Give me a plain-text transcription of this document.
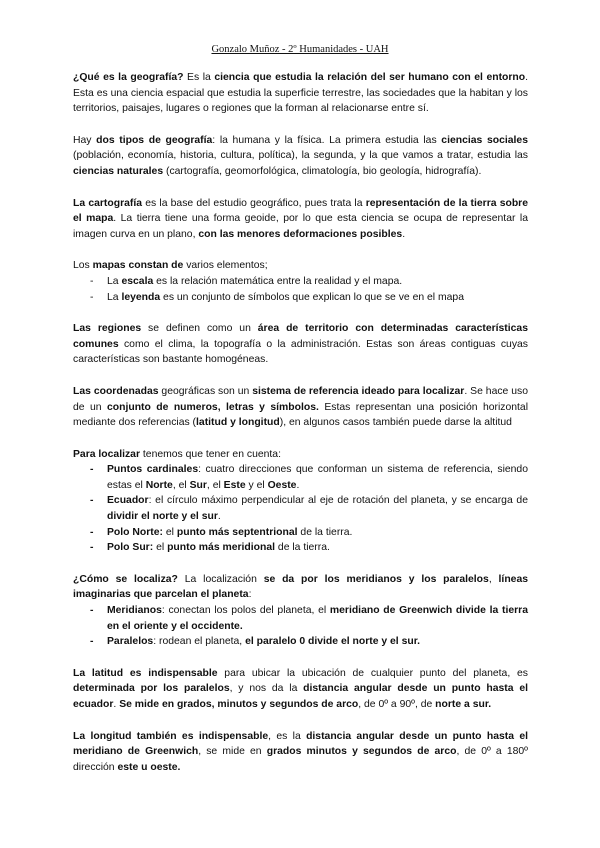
Gonzalo Muñoz - 2º Humanidades - UAH

¿Qué es la geografía? Es la ciencia que estudia la relación del ser humano con el entorno. Esta es una ciencia espacial que estudia la superficie terrestre, las sociedades que la habitan y los territorios, paisajes, lugares o regiones que la forman al relacionarse entre sí.

Hay dos tipos de geografía: la humana y la física. La primera estudia las ciencias sociales (población, economía, historia, cultura, política), la segunda, y la que vamos a tratar, estudia las ciencias naturales (cartografía, geomorfológica, climatología, bio geología, hidrografía).

La cartografía es la base del estudio geográfico, pues trata la representación de la tierra sobre el mapa. La tierra tiene una forma geoide, por lo que esta ciencia se ocupa de representar la imagen curva en un plano, con las menores deformaciones posibles.

Los mapas constan de varios elementos;

- La escala es la relación matemática entre la realidad y el mapa.
- La leyenda es un conjunto de símbolos que explican lo que se ve en el mapa

Las regiones se definen como un área de territorio con determinadas características comunes como el clima, la topografía o la administración. Estas son áreas contiguas cuyas características son bastante homogéneas.

Las coordenadas geográficas son un sistema de referencia ideado para localizar. Se hace uso de un conjunto de numeros, letras y símbolos. Estas representan una posición horizontal mediante dos referencias (latitud y longitud), en algunos casos también puede darse la altitud

Para localizar tenemos que tener en cuenta:

- Puntos cardinales: cuatro direcciones que conforman un sistema de referencia, siendo estas el Norte, el Sur, el Este y el Oeste.
- Ecuador: el círculo máximo perpendicular al eje de rotación del planeta, y se encarga de dividir el norte y el sur.
- Polo Norte: el punto más septentrional de la tierra.
- Polo Sur: el punto más meridional de la tierra.

¿Cómo se localiza? La localización se da por los meridianos y los paralelos, líneas imaginarias que parcelan el planeta:

- Meridianos: conectan los polos del planeta, el meridiano de Greenwich divide la tierra en el oriente y el occidente.
- Paralelos: rodean el planeta, el paralelo 0 divide el norte y el sur.

La latitud es indispensable para ubicar la ubicación de cualquier punto del planeta, es determinada por los paralelos, y nos da la distancia angular desde un punto hasta el ecuador. Se mide en grados, minutos y segundos de arco, de 0º a 90º, de norte a sur.

La longitud también es indispensable, es la distancia angular desde un punto hasta el meridiano de Greenwich, se mide en grados minutos y segundos de arco, de 0º a 180º dirección este u oeste.
